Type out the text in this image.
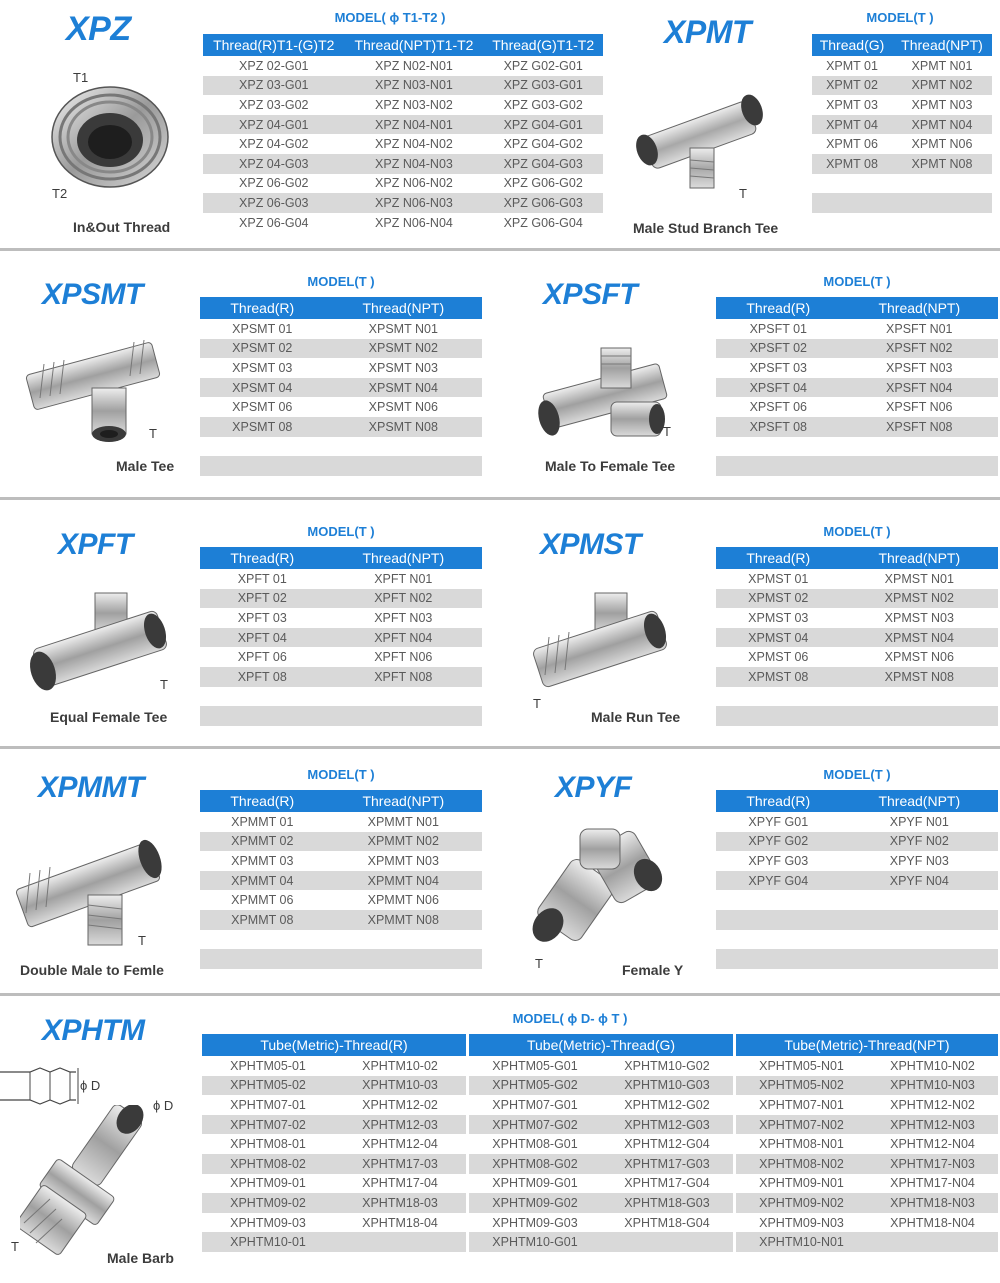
XPZ	MODEL( ϕ T1-T2 )
T1
T2
In&Out Thread
Thread(R)T1-(G)T2	Thread(NPT)T1-T2	Thread(G)T1-T2
XPZ 02-G01	XPZ N02-N01	XPZ G02-G01
XPZ 03-G01	XPZ N03-N01	XPZ G03-G01
XPZ 03-G02	XPZ N03-N02	XPZ G03-G02
XPZ 04-G01	XPZ N04-N01	XPZ G04-G01
XPZ 04-G02	XPZ N04-N02	XPZ G04-G02
XPZ 04-G03	XPZ N04-N03	XPZ G04-G03
XPZ 06-G02	XPZ N06-N02	XPZ G06-G02
XPZ 06-G03	XPZ N06-N03	XPZ G06-G03
XPZ 06-G04	XPZ N06-N04	XPZ G06-G04
XPMT	MODEL(T )
T
Male Stud Branch Tee
Thread(G)	Thread(NPT)
XPMT 01	XPMT N01
XPMT 02	XPMT N02
XPMT 03	XPMT N03
XPMT 04	XPMT N04
XPMT 06	XPMT N06
XPMT 08	XPMT N08

XPSMT	MODEL(T )
T
Male Tee
Thread(R)	Thread(NPT)
XPSMT 01	XPSMT N01
XPSMT 02	XPSMT N02
XPSMT 03	XPSMT N03
XPSMT 04	XPSMT N04
XPSMT 06	XPSMT N06
XPSMT 08	XPSMT N08

XPSFT	MODEL(T )
T
Male To Female Tee
Thread(R)	Thread(NPT)
XPSFT 01	XPSFT N01
XPSFT 02	XPSFT N02
XPSFT 03	XPSFT N03
XPSFT 04	XPSFT N04
XPSFT 06	XPSFT N06
XPSFT 08	XPSFT N08

XPFT	MODEL(T )
T
Equal Female Tee
Thread(R)	Thread(NPT)
XPFT 01	XPFT N01
XPFT 02	XPFT N02
XPFT 03	XPFT N03
XPFT 04	XPFT N04
XPFT 06	XPFT N06
XPFT 08	XPFT N08

XPMST	MODEL(T )
T
Male Run Tee
Thread(R)	Thread(NPT)
XPMST 01	XPMST N01
XPMST 02	XPMST N02
XPMST 03	XPMST N03
XPMST 04	XPMST N04
XPMST 06	XPMST N06
XPMST 08	XPMST N08

XPMMT	MODEL(T )
T
Double Male to Femle
Thread(R)	Thread(NPT)
XPMMT 01	XPMMT N01
XPMMT 02	XPMMT N02
XPMMT 03	XPMMT N03
XPMMT 04	XPMMT N04
XPMMT 06	XPMMT N06
XPMMT 08	XPMMT N08

XPYF	MODEL(T )
T	Female Y
Thread(R)	Thread(NPT)
XPYF G01	XPYF N01
XPYF G02	XPYF N02
XPYF G03	XPYF N03
XPYF G04	XPYF N04

XPHTM	MODEL( ϕ D- ϕ T )
ϕ D
ϕ D
T
Male Barb
Tube(Metric)-Thread(R)	
XPHTM05-01	XPHTM10-02
XPHTM05-02	XPHTM10-03
XPHTM07-01	XPHTM12-02
XPHTM07-02	XPHTM12-03
XPHTM08-01	XPHTM12-04
XPHTM08-02	XPHTM17-03
XPHTM09-01	XPHTM17-04
XPHTM09-02	XPHTM18-03
XPHTM09-03	XPHTM18-04
XPHTM10-01	
Tube(Metric)-Thread(G)	
XPHTM05-G01	XPHTM10-G02
XPHTM05-G02	XPHTM10-G03
XPHTM07-G01	XPHTM12-G02
XPHTM07-G02	XPHTM12-G03
XPHTM08-G01	XPHTM12-G04
XPHTM08-G02	XPHTM17-G03
XPHTM09-G01	XPHTM17-G04
XPHTM09-G02	XPHTM18-G03
XPHTM09-G03	XPHTM18-G04
XPHTM10-G01	
Tube(Metric)-Thread(NPT)	
XPHTM05-N01	XPHTM10-N02
XPHTM05-N02	XPHTM10-N03
XPHTM07-N01	XPHTM12-N02
XPHTM07-N02	XPHTM12-N03
XPHTM08-N01	XPHTM12-N04
XPHTM08-N02	XPHTM17-N03
XPHTM09-N01	XPHTM17-N04
XPHTM09-N02	XPHTM18-N03
XPHTM09-N03	XPHTM18-N04
XPHTM10-N01	
